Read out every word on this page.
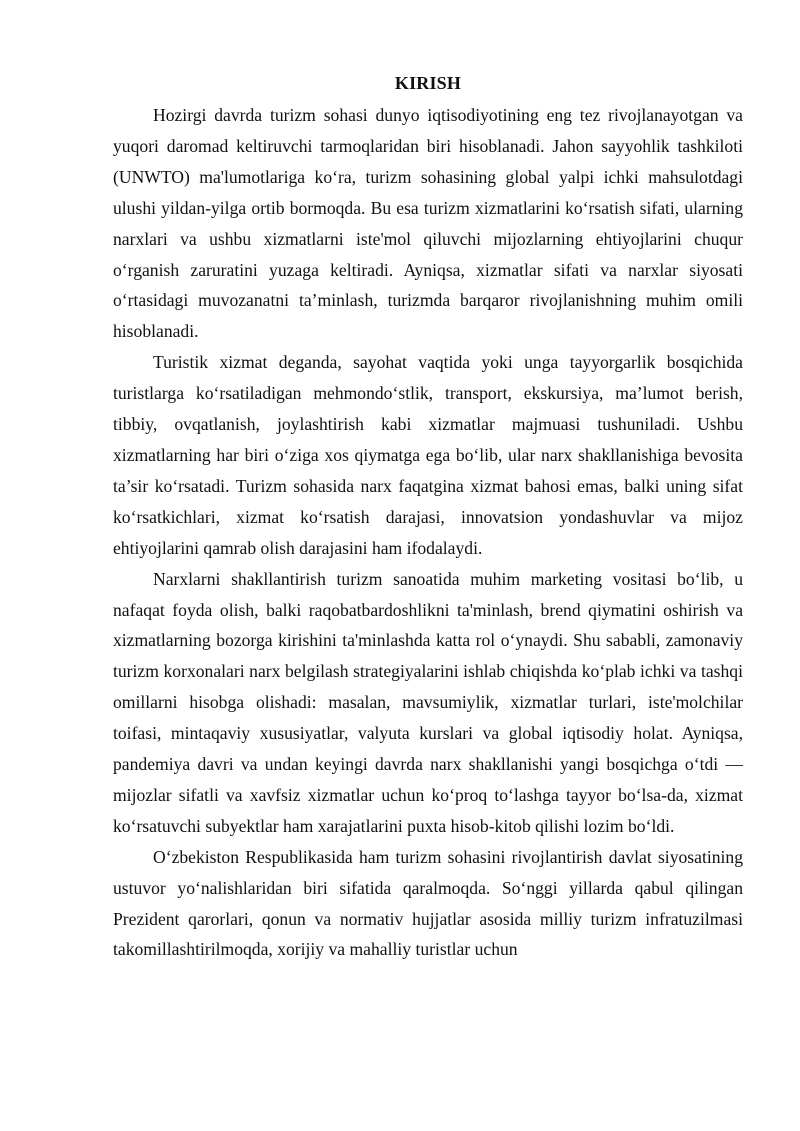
KIRISH

Hozirgi davrda turizm sohasi dunyo iqtisodiyotining eng tez rivojlanayotgan va yuqori daromad keltiruvchi tarmoqlaridan biri hisoblanadi. Jahon sayyohlik tashkiloti (UNWTO) ma'lumotlariga ko‘ra, turizm sohasining global yalpi ichki mahsulotdagi ulushi yildan-yilga ortib bormoqda. Bu esa turizm xizmatlarini ko‘rsatish sifati, ularning narxlari va ushbu xizmatlarni iste'mol qiluvchi mijozlarning ehtiyojlarini chuqur o‘rganish zaruratini yuzaga keltiradi. Ayniqsa, xizmatlar sifati va narxlar siyosati o‘rtasidagi muvozanatni ta’minlash, turizmda barqaror rivojlanishning muhim omili hisoblanadi.

Turistik xizmat deganda, sayohat vaqtida yoki unga tayyorgarlik bosqichida turistlarga ko‘rsatiladigan mehmondo‘stlik, transport, ekskursiya, ma’lumot berish, tibbiy, ovqatlanish, joylashtirish kabi xizmatlar majmuasi tushuniladi. Ushbu xizmatlarning har biri o‘ziga xos qiymatga ega bo‘lib, ular narx shakllanishiga bevosita ta’sir ko‘rsatadi. Turizm sohasida narx faqatgina xizmat bahosi emas, balki uning sifat ko‘rsatkichlari, xizmat ko‘rsatish darajasi, innovatsion yondashuvlar va mijoz ehtiyojlarini qamrab olish darajasini ham ifodalaydi.

Narxlarni shakllantirish turizm sanoatida muhim marketing vositasi bo‘lib, u nafaqat foyda olish, balki raqobatbardoshlikni ta'minlash, brend qiymatini oshirish va xizmatlarning bozorga kirishini ta'minlashda katta rol o‘ynaydi. Shu sababli, zamonaviy turizm korxonalari narx belgilash strategiyalarini ishlab chiqishda ko‘plab ichki va tashqi omillarni hisobga olishadi: masalan, mavsumiylik, xizmatlar turlari, iste'molchilar toifasi, mintaqaviy xususiyatlar, valyuta kurslari va global iqtisodiy holat. Ayniqsa, pandemiya davri va undan keyingi davrda narx shakllanishi yangi bosqichga o‘tdi — mijozlar sifatli va xavfsiz xizmatlar uchun ko‘proq to‘lashga tayyor bo‘lsa-da, xizmat ko‘rsatuvchi subyektlar ham xarajatlarini puxta hisob-kitob qilishi lozim bo‘ldi.

O‘zbekiston Respublikasida ham turizm sohasini rivojlantirish davlat siyosatining ustuvor yo‘nalishlaridan biri sifatida qaralmoqda. So‘nggi yillarda qabul qilingan Prezident qarorlari, qonun va normativ hujjatlar asosida milliy turizm infratuzilmasi takomillashtirilmoqda, xorijiy va mahalliy turistlar uchun
